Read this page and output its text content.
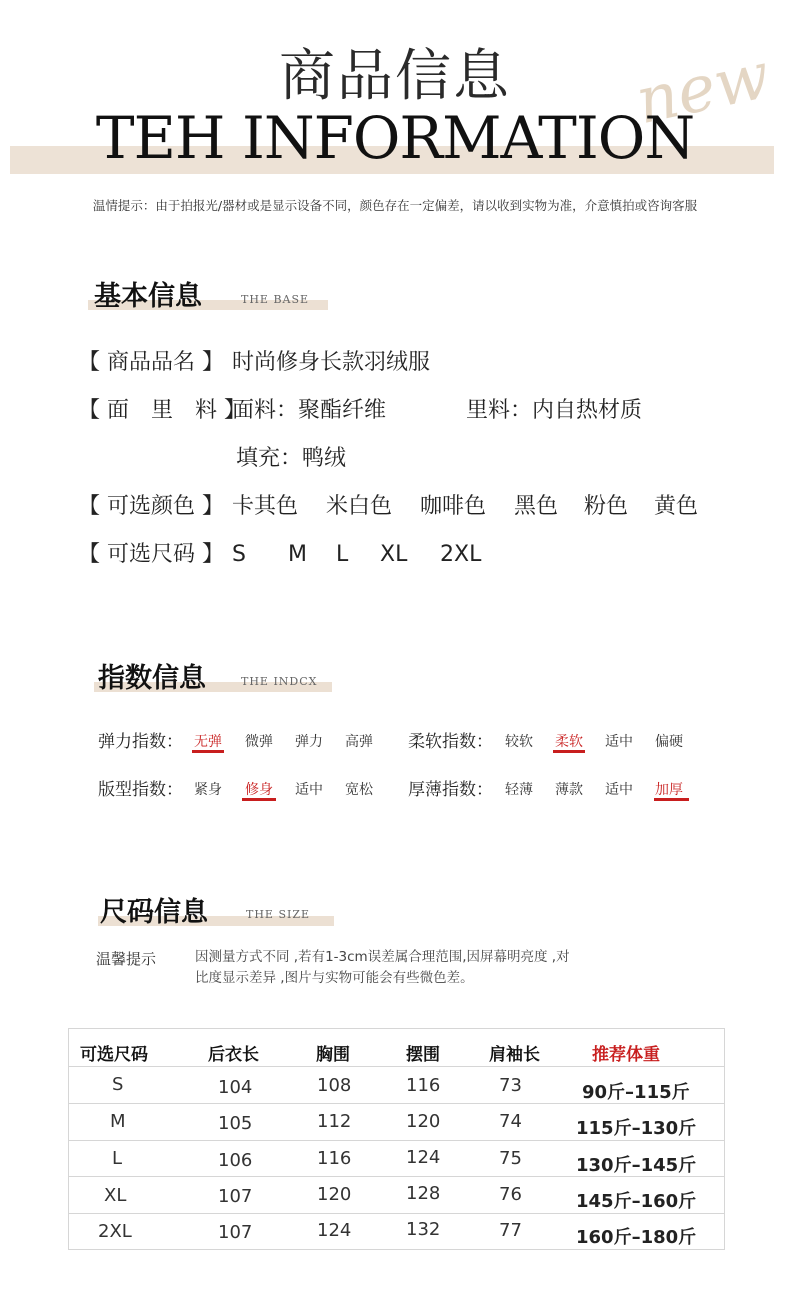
new
商品信息
TEH INFORMATION
温情提示：由于拍报光/器材或是显示设备不同，颜色存在一定偏差，请以收到实物为准，介意慎拍或咨询客服
基本信息	THE BASE
【 商品品名 】 时尚修身长款羽绒服
【 面　里　料 】面料：聚酯纤维	里料：内自热材质
填充：鸭绒
【 可选颜色 】 卡其色 米白色 咖啡色 黑色 粉色 黄色
【 可选尺码 】 S M L XL 2XL
指数信息	THE INDCX
弹力指数： 无弹 微弹 弹力 高弹 柔软指数： 较软 柔软 适中 偏硬
版型指数： 紧身 修身 适中 宽松 厚薄指数： 轻薄 薄款 适中 加厚
尺码信息	THE SIZE
温馨提示	因测量方式不同 ,若有1-3cm误差属合理范围,因屏幕明亮度 ,对
比度显示差异 ,图片与实物可能会有些微色差。
可选尺码	后衣长	胸围	摆围	肩袖长	推荐体重
S	104	108	116	73	90斤–115斤
M	105	112	120	74	115斤–130斤
L	106	116	124	75	130斤–145斤
XL	107	120	128	76	145斤–160斤
2XL	107	124	132	77	160斤–180斤
